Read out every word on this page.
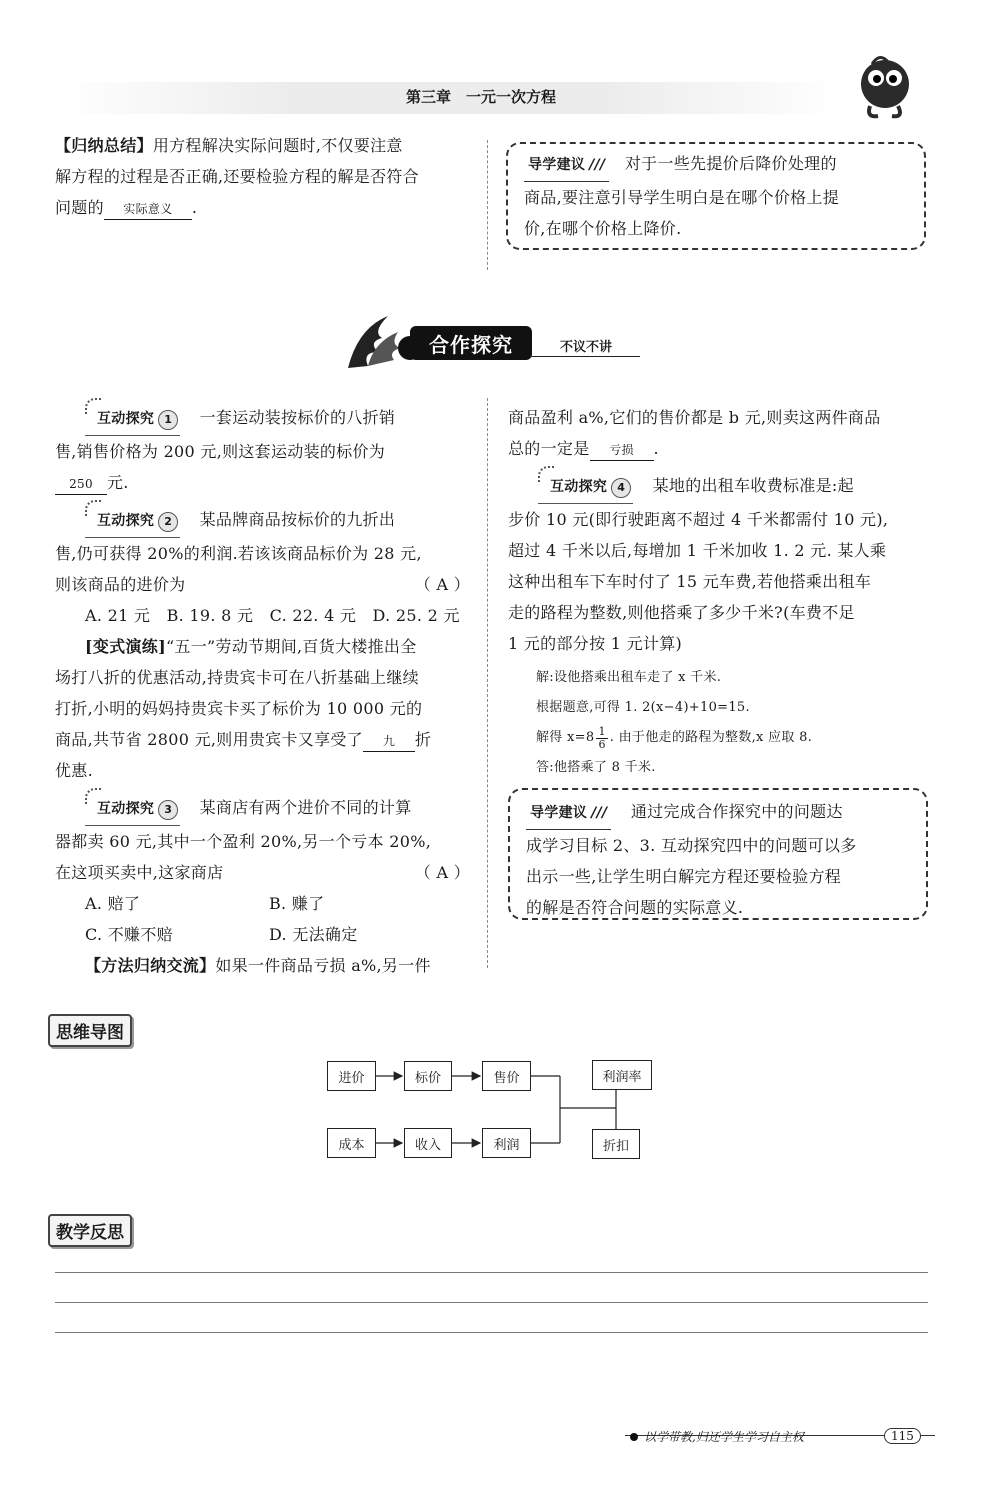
第三章　一元一次方程
【归纳总结】用方程解决实际问题时,不仅要注意
解方程的过程是否正确,还要检验方程的解是否符合
问题的 实际意义 .
导学建议 /// 对于一些先提价后降价处理的
商品,要注意引导学生明白是在哪个价格上提
价,在哪个价格上降价.
合作探究	不议不讲
互动探究 1	一套运动装按标价的八折销
售,销售价格为 200 元,则这套运动装的标价为
250 元.
互动探究 2	某品牌商品按标价的九折出
售,仍可获得 20%的利润.若该该商品标价为 28 元,
则该商品的进价为	（ A ）
A. 21 元　B. 19. 8 元　C. 22. 4 元　D. 25. 2 元
[变式演练]“五一”劳动节期间,百货大楼推出全
场打八折的优惠活动,持贵宾卡可在八折基础上继续
打折,小明的妈妈持贵宾卡买了标价为 10 000 元的
商品,共节省 2800 元,则用贵宾卡又享受了 九 折
优惠.
互动探究 3	某商店有两个进价不同的计算
器都卖 60 元,其中一个盈利 20%,另一个亏本 20%,
在这项买卖中,这家商店	（ A ）
A. 赔了	B. 赚了
C. 不赚不赔	D. 无法确定
【方法归纳交流】如果一件商品亏损 a%,另一件
商品盈利 a%,它们的售价都是 b 元,则卖这两件商品
总的一定是 亏损 .
互动探究 4	某地的出租车收费标准是:起
步价 10 元(即行驶距离不超过 4 千米都需付 10 元),
超过 4 千米以后,每增加 1 千米加收 1. 2 元. 某人乘
这种出租车下车时付了 15 元车费,若他搭乘出租车
走的路程为整数,则他搭乘了多少千米?(车费不足
1 元的部分按 1 元计算)
解:设他搭乘出租车走了 x 千米.
根据题意,可得 1. 2(x−4)+10=15.
解得 $x=8 \frac{1}{6}$ . 由于他走的路程为整数,x 应取 8.
答:他搭乘了 8 千米.
导学建议 /// 通过完成合作探究中的问题达
成学习目标 2、3. 互动探究四中的问题可以多
出示一些,让学生明白解完方程还要检验方程
的解是否符合问题的实际意义.
思维导图
进价	标价	售价	利润率
成本	收入	利润	折扣
教学反思
以学带教,归还学生学习自主权	115
